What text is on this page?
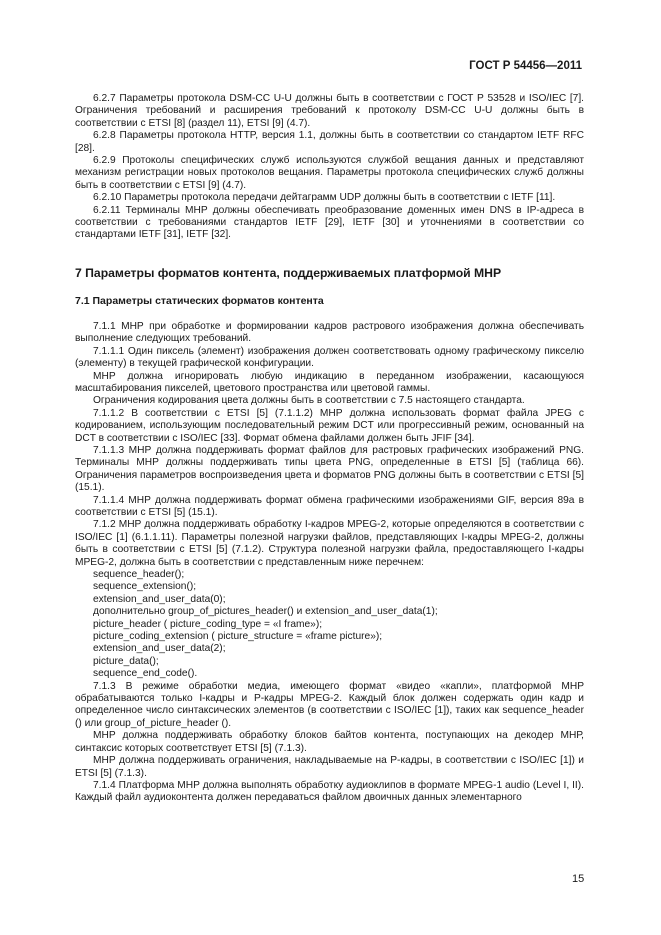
ГОСТ Р 54456—2011

6.2.7 Параметры протокола DSM-CC U-U должны быть в соответствии с ГОСТ Р 53528 и ISO/IEC [7]. Ограничения требований и расширения требований к протоколу DSM-CC U-U должны быть в соответствии с ETSI [8] (раздел 11), ETSI [9] (4.7).

6.2.8 Параметры протокола HTTP, версия 1.1, должны быть в соответствии со стандартом IETF RFC [28].

6.2.9 Протоколы специфических служб используются службой вещания данных и представляют механизм регистрации новых протоколов вещания. Параметры протокола специфических служб должны быть в соответствии с ETSI [9] (4.7).

6.2.10 Параметры протокола передачи дейтаграмм UDP должны быть в соответствии с IETF [11].

6.2.11 Терминалы МНР должны обеспечивать преобразование доменных имен DNS в IP-адреса в соответствии с требованиями стандартов IETF [29], IETF [30] и уточнениями в соответствии со стандартами IETF [31], IETF [32].

7 Параметры форматов контента, поддерживаемых платформой МНР
7.1 Параметры статических форматов контента

7.1.1 МНР при обработке и формировании кадров растрового изображения должна обеспечивать выполнение следующих требований.

7.1.1.1 Один пиксель (элемент) изображения должен соответствовать одному графическому пикселю (элементу) в текущей графической конфигурации.

МНР должна игнорировать любую индикацию в переданном изображении, касающуюся масштабирования пикселей, цветового пространства или цветовой гаммы.

Ограничения кодирования цвета должны быть в соответствии с 7.5 настоящего стандарта.

7.1.1.2 В соответствии с ETSI [5] (7.1.1.2) МНР должна использовать формат файла JPEG с кодированием, использующим последовательный режим DCT или прогрессивный режим, основанный на DCT в соответствии с ISO/IEC [33]. Формат обмена файлами должен быть JFIF [34].

7.1.1.3 МНР должна поддерживать формат файлов для растровых графических изображений PNG. Терминалы МНР должны поддерживать типы цвета PNG, определенные в ETSI [5] (таблица 66). Ограничения параметров воспроизведения цвета и форматов PNG должны быть в соответствии с ETSI [5] (15.1).

7.1.1.4 МНР должна поддерживать формат обмена графическими изображениями GIF, версия 89a в соответствии с ETSI [5] (15.1).

7.1.2 МНР должна поддерживать обработку I-кадров MPEG-2, которые определяются в соответствии с ISO/IEC [1] (6.1.1.11). Параметры полезной нагрузки файлов, представляющих I-кадры MPEG-2, должны быть в соответствии с ETSI [5] (7.1.2). Структура полезной нагрузки файла, предоставляющего I-кадры MPEG-2, должна быть в соответствии с представленным ниже перечнем:

sequence_header();
sequence_extension();
extension_and_user_data(0);
дополнительно group_of_pictures_header() и extension_and_user_data(1);
picture_header ( picture_coding_type = «I frame»);
picture_coding_extension ( picture_structure = «frame picture»);
extension_and_user_data(2);
picture_data();
sequence_end_code().

7.1.3 В режиме обработки медиа, имеющего формат «видео «капли», платформой МНР обрабатываются только I-кадры и Р-кадры MPEG-2. Каждый блок должен содержать один кадр и определенное число синтаксических элементов (в соответствии с ISO/IEC [1]), таких как sequence_header () или group_of_picture_header ().

МНР должна поддерживать обработку блоков байтов контента, поступающих на декодер МНР, синтаксис которых соответствует ETSI [5] (7.1.3).

МНР должна поддерживать ограничения, накладываемые на Р-кадры, в соответствии с ISO/IEC [1]) и ETSI [5] (7.1.3).

7.1.4 Платформа МНР должна выполнять обработку аудиоклипов в формате MPEG-1 audio (Level I, II). Каждый файл аудиоконтента должен передаваться файлом двоичных данных элементарного

15
